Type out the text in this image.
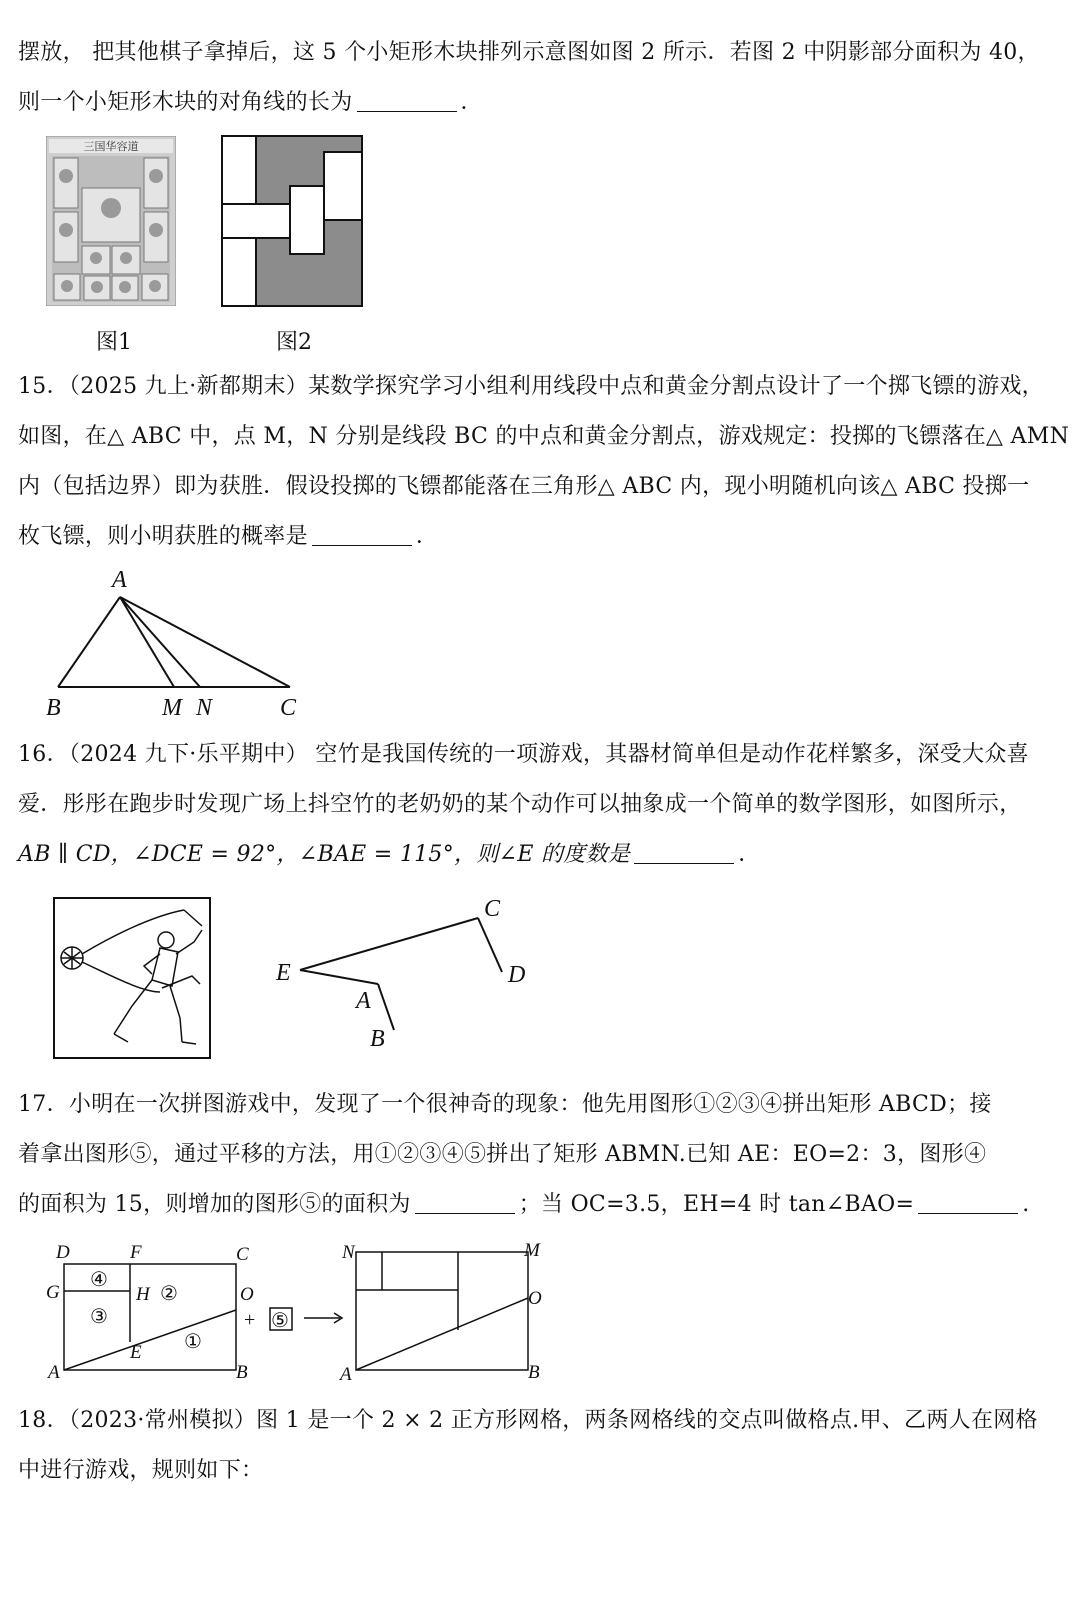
摆放， 把其他棋子拿掉后，这 5 个小矩形木块排列示意图如图 2 所示．若图 2 中阴影部分面积为 40，
则一个小矩形木块的对角线的长为	．
三国华容道
图1	图2
15．（2025 九上·新都期末）某数学探究学习小组利用线段中点和黄金分割点设计了一个掷飞镖的游戏，
如图，在△ ABC 中，点 M，N 分别是线段 BC 的中点和黄金分割点，游戏规定：投掷的飞镖落在△ AMN
内（包括边界）即为获胜．假设投掷的飞镖都能落在三角形△ ABC 内，现小明随机向该△ ABC 投掷一
枚飞镖，则小明获胜的概率是	．
A
B	M N	C
16．（2024 九下·乐平期中） 空竹是我国传统的一项游戏，其器材简单但是动作花样繁多，深受大众喜
爱．彤彤在跑步时发现广场上抖空竹的老奶奶的某个动作可以抽象成一个简单的数学图形，如图所示，
AB ∥ CD，∠DCE = 92°，∠BAE = 115°，则∠E 的度数是	．
C
E	D
A
B
17．小明在一次拼图游戏中，发现了一个很神奇的现象：他先用图形①②③④拼出矩形 ABCD；接
着拿出图形⑤，通过平移的方法，用①②③④⑤拼出了矩形 ABMN.已知 AE：EO=2：3，图形④
的面积为 15，则增加的图形⑤的面积为	；当 OC=3.5，EH=4 时 tan∠BAO=	.
D	F	C
G	H	O
E
A	B
N	M
O
A	B
④
②
③
①
+ ⑤
18．（2023·常州模拟）图 1 是一个 2 × 2 正方形网格，两条网格线的交点叫做格点.甲、乙两人在网格
中进行游戏，规则如下：
